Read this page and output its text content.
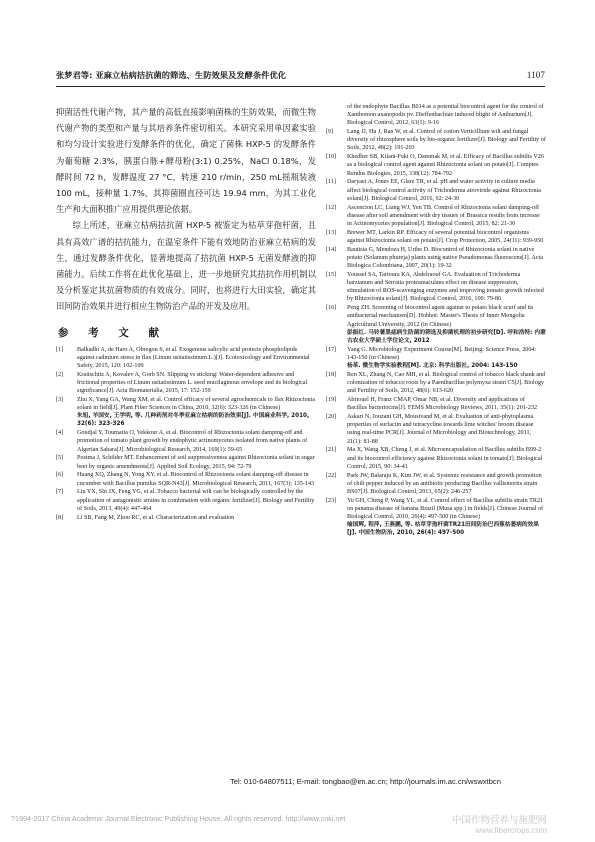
张梦君等: 亚麻立枯病拮抗菌的筛选、生防效果及发酵条件优化	1107

抑菌活性代谢产物，其产量的高低直接影响菌株的生防效果，而微生物代谢产物的类型和产量与其培养条件密切相关。本研究采用单因素实验和均匀设计实验进行发酵条件的优化，确定了菌株 HXP-5 的发酵条件为葡萄糖 2.3%，胰蛋白胨+酵母粉(3:1) 0.25%，NaCl 0.18%，发酵时间 72 h，发酵温度 27 °C，转速 210 r/min，250 mL摇瓶装液 100 mL，接种量 1.7%，其抑菌圈直径可达 19.94 mm，为其工业化生产和大面积推广应用提供理论依据。

综上所述，亚麻立枯病拮抗菌 HXP-5 被鉴定为枯草芽孢杆菌，且具有高效广谱的拮抗能力，在温室条件下能有效地防治亚麻立枯病的发生，通过发酵条件优化，显著地提高了拮抗菌 HXP-5 无菌发酵液的抑菌能力。后续工作将在此优化基础上，进一步地研究其拮抗作用机制以及分析鉴定其抗菌物质的有效成分。同时，也将进行大田实验，确定其田间防治效果并进行相应生物防治产品的开发及应用。

参 考 文 献

[1] Balkadhi A, de Haro A, Obregon S, et al. Exogenous salicylic acid protects phospholipids against cadmium stress in flax (Linum usitatissimum L.)[J]. Ecotoxicology and Environmental Safety, 2015, 120: 102-109

[2] Kraitschitz A, Kovalev A, Gorb SN. Slipping vs sticking: Water-dependent adhesive and frictional properties of Linum usitatissimum L. seed mucilaginous envelope and its biological significance[J]. Acta Biomaterialia, 2015, 17: 152-159

[3] Zhu X, Yang GA, Wang XM, et al. Control efficacy of several agrochemicals to flax Rhizoctonia solani in field[J]. Plant Fiber Sciences in China, 2010, 32(6): 323-326 (in Chinese)
朱旭, 羊国安, 王学明, 等. 几种药剂对冬季亚麻立枯病的防治效果[J]. 中国麻业科学, 2010, 32(6): 323-326

[4] Goudjal Y, Toumatia O, Yekkour A, et al. Biocontrol of Rhizoctonia solani damping-off and promotion of tomato plant growth by endophytic actinomycetes isolated from native plants of Algerian Sahara[J]. Microbiological Research, 2014, 169(1): 59-65

[5] Postma J, Schilder MT. Enhancement of soil suppressiveness against Rhizoctonia solani in sugar beet by organic amendments[J]. Applied Soil Ecology, 2015, 94: 72-79

[6] Huang XQ, Zhang N, Yong XY, et al. Biocontrol of Rhizoctonia solani damping-off disease in cucumber with Bacillus pumilus SQR-N43[J]. Microbiological Research, 2011, 167(3): 135-143

[7] Liu YX, Shi JX, Feng YG, et al. Tobacco bacterial wilt can be biologically controlled by the application of antagonistic strains in combination with organic fertilizer[J]. Biology and Fertility of Soils, 2013, 49(4): 447-464

[8] Li SB, Fang M, Zhou RC, et al. Characterization and evaluation

of the endophyte Bacillus B014 as a potential biocontrol agent for the control of Xanthomon axanopodis pv. Dieffenbachiae induced blight of Anthurium[J]. Biological Control, 2012, 63(1): 9-16

[9] Lang JJ, Hu J, Ran W, et al. Control of cotton Verticillium wilt and fungal diversity of rhizosphere soils by bio-organic fertilizer[J]. Biology and Fertility of Soils, 2012, 48(2): 191-203

[10] Khedher SB, Kilani-Feki O, Dammak M, et al. Efficacy of Bacillus subtilis V26 as a biological control agent against Rhizoctonia solani on potato[J]. Comptes Rendus Biologies, 2015, 338(12): 784-792

[11] Daryaei A, Jones EE, Glare TR, et al. pH and water activity in culture media affect biological control activity of Trichoderma atroviride against Rhizoctonia solani[J]. Biological Control, 2016, 92: 24-30

[12] Ascencion LC, Liang WJ, Yen TB. Control of Rhizoctonia solani damping-off disease after soil amendment with dry tissues of Brassica results from increase in Actinomycetes population[J]. Biological Control, 2015, 82: 21-30

[13] Brewer MT, Larkin RP. Efficacy of several potential biocontrol organisms against Rhizoctonia solani on potato[J]. Crop Protection, 2005, 24(11): 939-950

[14] Bautista G, Mendoza H, Uribe D. Biocontrol of Rhizoctonia solani in native potato (Solanum phureja) plants using native Pseudomonas fluorescens[J]. Acta Biologica Colombiana, 2007, 20(1): 19-32

[15] Youssef SA, Tartoura KA, Abdelraouf GA. Evaluation of Trichoderma harzianum and Serratia proteamaculans effect on disease suppression, stimulation of ROS-scavenging enzymes and improving tomato growth infected by Rhizoctonia solani[J]. Biological Control, 2016, 100: 79-86

[16] Peng ZH. Screening of biocontrol agent against to potato black scurf and its antibacterial mechanism[D]. Hohhot: Master's Thesis of Inner Mongolia Agricultural University, 2012 (in Chinese)
彭振红. 马铃薯黑痣病生防菌的筛选及抑菌机理的初步研究[D]. 呼和浩特: 内蒙古农业大学硕士学位论文, 2012

[17] Yang G. Microbiology Experiment Course[M]. Beijing: Science Press, 2004: 143-150 (in Chinese)
杨革. 微生物学实验教程[M]. 北京: 科学出版社, 2004: 143-150

[18] Ren XL, Zhang N, Cao MH, et al. Biological control of tobacco black shank and colonization of tobacco roots by a Paenibacillus polymyxa strain C5[J]. Biology and Fertility of Soils, 2012, 48(6): 613-620

[19] Abriouel H, Franz CMAP, Omar NB, et al. Diversity and applications of Bacillus bacteriocins[J]. FEMS Microbiology Reviews, 2011, 35(1): 201-232

[20] Askari N, Jouzani GH, Mousivand M, et al. Evaluation of anti-phytoplasma properties of surfactin and tetracycline towards lime witches' broom disease using real-time PCR[J]. Journal of Microbiology and Biotechnology, 2011, 21(1): 81-88

[21] Ma X, Wang XB, Cheng J, et al. Microencapsulation of Bacillus subtilis B99-2 and its biocontrol efficiency against Rhizoctonia solani in tomato[J]. Biological Control, 2015, 90: 34-41

[22] Park JW, Balaraju K, Kim JW, et al. Systemic resistance and growth promotion of chili pepper induced by an antibiotic producing Bacillus vallismortis strain BS07[J]. Biological Control, 2013, 65(2): 246-257

[23] Yu GH, Cheng P, Wang YL, et al. Control effect of Bacillus subtilis strain TR21 on panama disease of banana Brazil (Musa spp.) in fields[J]. Chinese Journal of Biological Control, 2010, 26(4): 497-500 (in Chinese)
喻国辉, 程萍, 王燕鹏, 等. 枯草芽孢杆菌TR21田间防治巴西蕉枯萎病的效果[J]. 中国生物防治, 2010, 26(4): 497-500

Tel: 010-64807511; E-mail: tongbao@im.ac.cn; http://journals.im.ac.cn/wswxtbcn
?1994-2017 China Academic Journal Electronic Publishing House. All rights reserved. http://www.cnki.net	中国作物营养与施肥网
www.fibercrops.com
